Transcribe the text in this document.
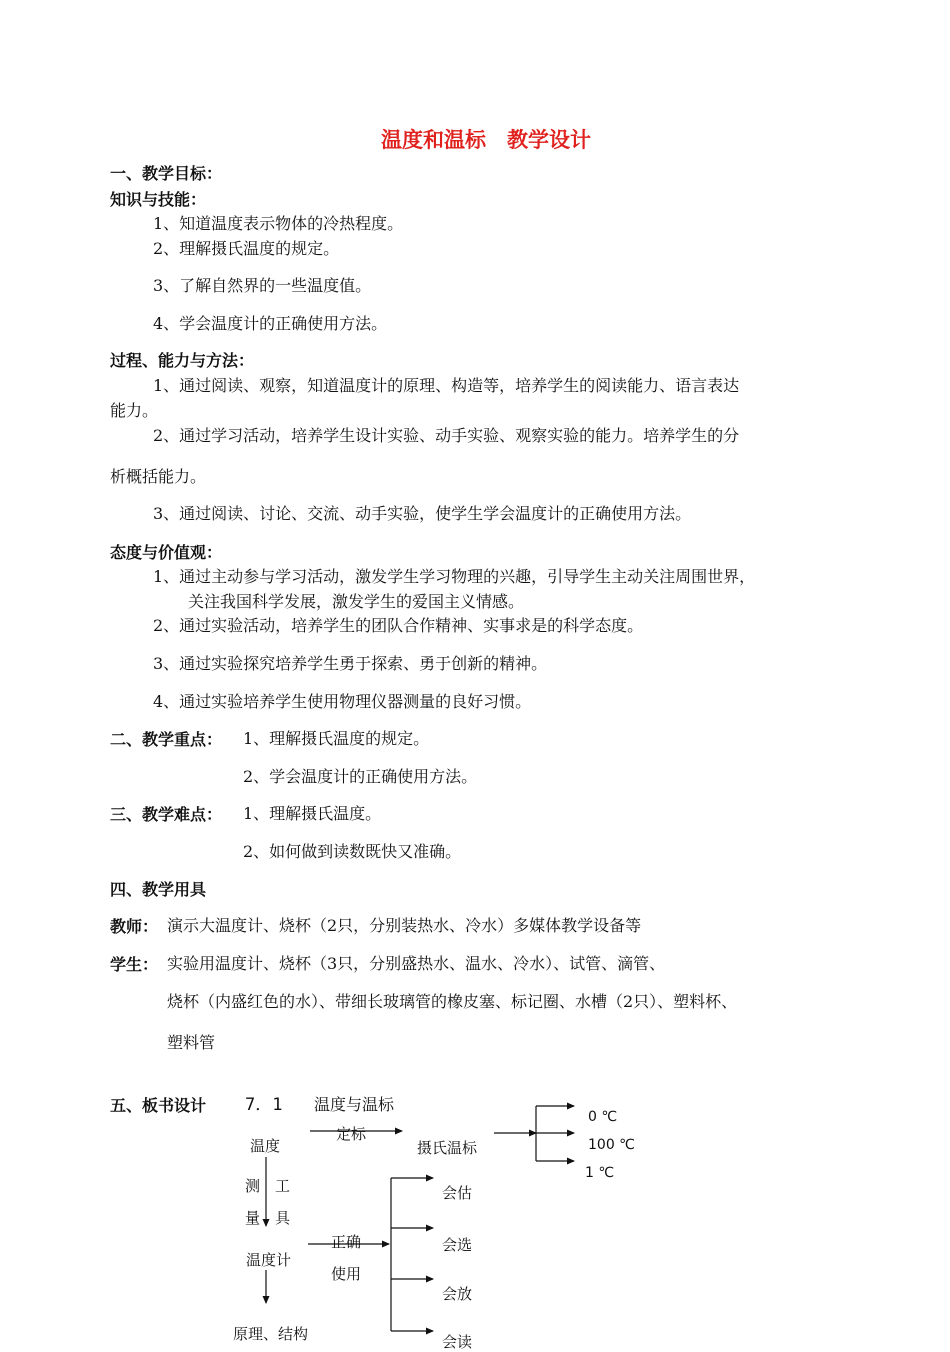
温度和温标　教学设计
一、教学目标：
知识与技能：
1、知道温度表示物体的冷热程度。
2、理解摄氏温度的规定。
3、了解自然界的一些温度值。
4、学会温度计的正确使用方法。
过程、能力与方法：
1、通过阅读、观察，知道温度计的原理、构造等，培养学生的阅读能力、语言表达
能力。
2、通过学习活动，培养学生设计实验、动手实验、观察实验的能力。培养学生的分
析概括能力。
3、通过阅读、讨论、交流、动手实验，使学生学会温度计的正确使用方法。
态度与价值观：
1、通过主动参与学习活动，激发学生学习物理的兴趣，引导学生主动关注周围世界，
关注我国科学发展，激发学生的爱国主义情感。
2、通过实验活动，培养学生的团队合作精神、实事求是的科学态度。
3、通过实验探究培养学生勇于探索、勇于创新的精神。
4、通过实验培养学生使用物理仪器测量的良好习惯。
二、教学重点： 1、理解摄氏温度的规定。
2、学会温度计的正确使用方法。
三、教学难点： 1、理解摄氏温度。
2、如何做到读数既快又准确。
四、教学用具
教师： 演示大温度计、烧杯（2只，分别装热水、冷水）多媒体教学设备等
学生： 实验用温度计、烧杯（3只，分别盛热水、温水、冷水）、试管、滴管、
烧杯（内盛红色的水）、带细长玻璃管的橡皮塞、标记圈、水槽（2只）、塑料杯、
塑料管
五、板书设计 7．1 温度与温标
温度
定标
摄氏温标
0 ℃
100 ℃
1 ℃
测
量
工
具
温度计
正确
使用
原理、结构
会估
会选
会放
会读
